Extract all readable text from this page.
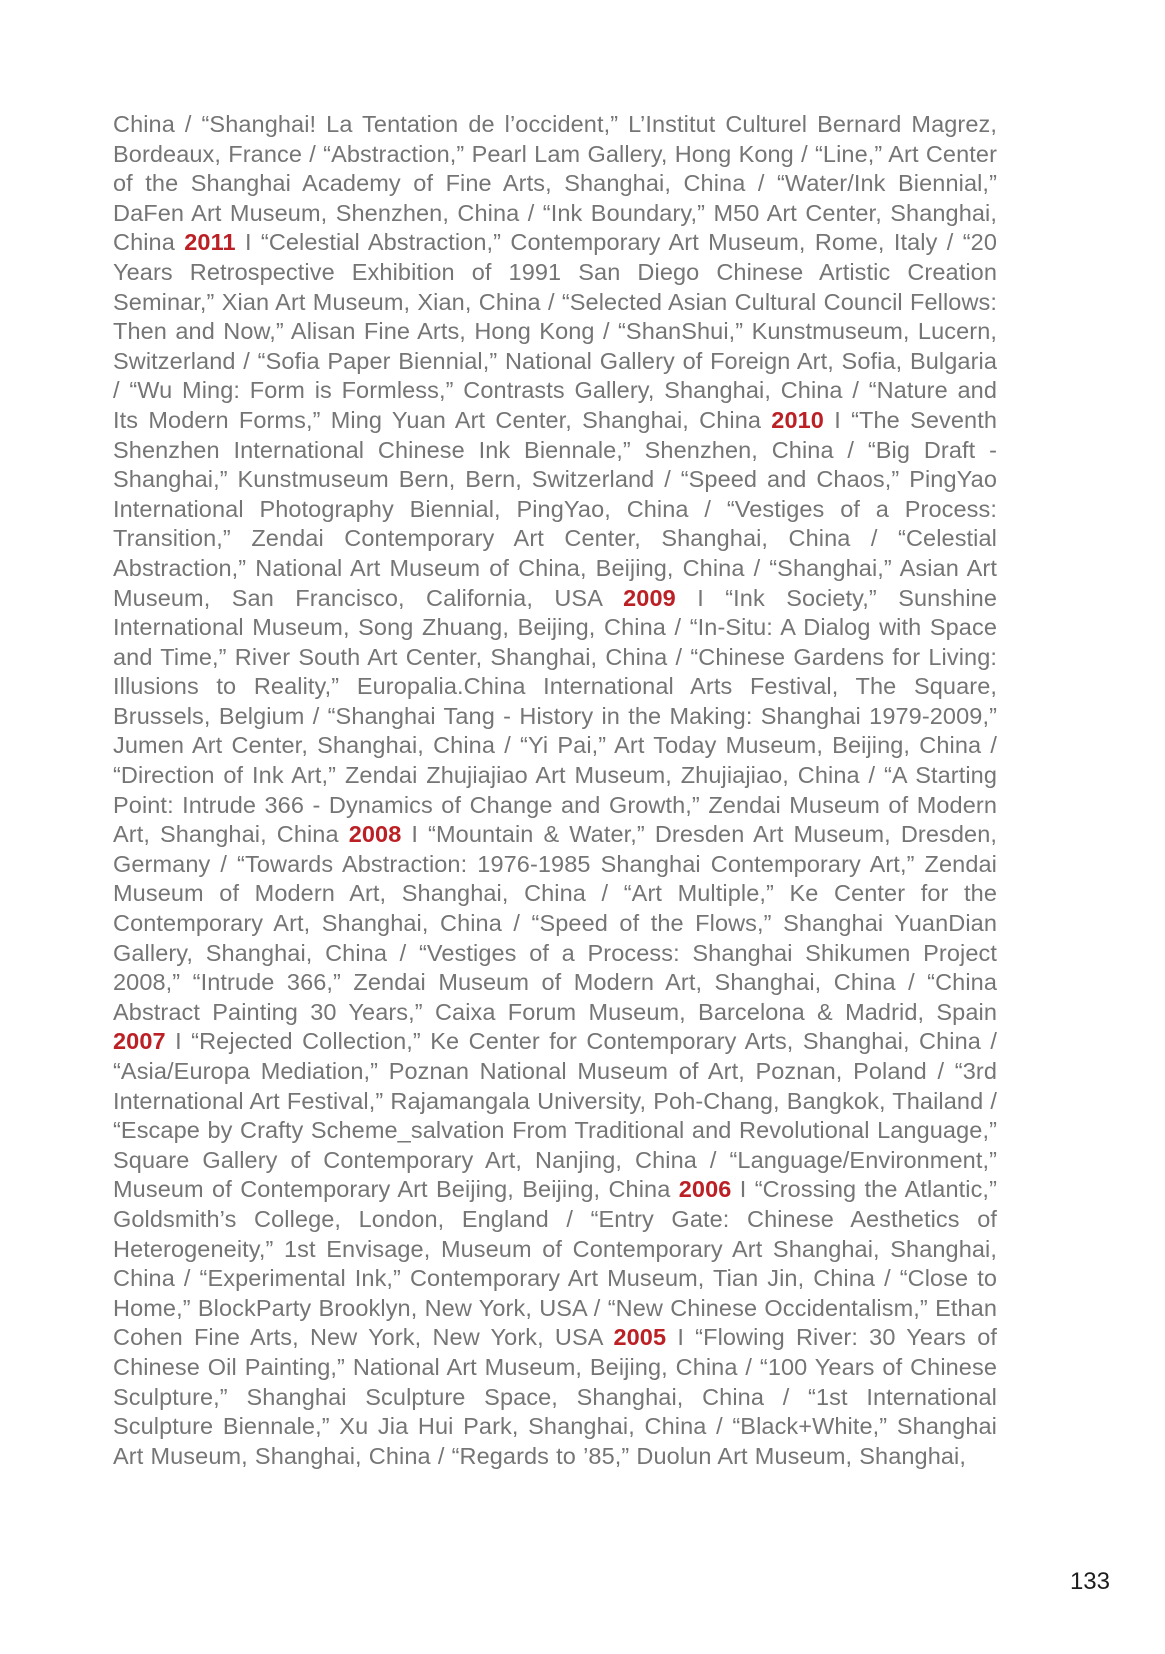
China / “Shanghai! La Tentation de l’occident,” L’Institut Culturel Bernard Magrez, Bordeaux, France / “Abstraction,” Pearl Lam Gallery, Hong Kong / “Line,” Art Center of the Shanghai Academy of Fine Arts, Shanghai, China / “Water/Ink Biennial,” DaFen Art Museum, Shenzhen, China / “Ink Boundary,” M50 Art Center, Shanghai, China 2011 I “Celestial Abstraction,” Contemporary Art Museum, Rome, Italy / “20 Years Retrospective Exhibition of 1991 San Diego Chinese Artistic Creation Seminar,” Xian Art Museum, Xian, China / “Selected Asian Cultural Council Fellows: Then and Now,” Alisan Fine Arts, Hong Kong / “ShanShui,” Kunstmuseum, Lucern, Switzerland / “Sofia Paper Biennial,” National Gallery of Foreign Art, Sofia, Bulgaria / “Wu Ming: Form is Formless,” Contrasts Gallery, Shanghai, China / “Nature and Its Modern Forms,” Ming Yuan Art Center, Shanghai, China 2010 I “The Seventh Shenzhen International Chinese Ink Biennale,” Shenzhen, China / “Big Draft - Shanghai,” Kunstmuseum Bern, Bern, Switzerland / “Speed and Chaos,” PingYao International Photography Biennial, PingYao, China / “Vestiges of a Process: Transition,” Zendai Contemporary Art Center, Shanghai, China / “Celestial Abstraction,” National Art Museum of China, Beijing, China / “Shanghai,” Asian Art Museum, San Francisco, California, USA 2009 I “Ink Society,” Sunshine International Museum, Song Zhuang, Beijing, China / “In-Situ: A Dialog with Space and Time,” River South Art Center, Shanghai, China / “Chinese Gardens for Living: Illusions to Reality,” Europalia.China International Arts Festival, The Square, Brussels, Belgium / “Shanghai Tang - History in the Making: Shanghai 1979-2009,” Jumen Art Center, Shanghai, China / “Yi Pai,” Art Today Museum, Beijing, China / “Direction of Ink Art,” Zendai Zhujiajiao Art Museum, Zhujiajiao, China / “A Starting Point: Intrude 366 - Dynamics of Change and Growth,” Zendai Museum of Modern Art, Shanghai, China 2008 I “Mountain & Water,” Dresden Art Museum, Dresden, Germany / “Towards Abstraction: 1976-1985 Shanghai Contemporary Art,” Zendai Museum of Modern Art, Shanghai, China / “Art Multiple,” Ke Center for the Contemporary Art, Shanghai, China / “Speed of the Flows,” Shanghai YuanDian Gallery, Shanghai, China / “Vestiges of a Process: Shanghai Shikumen Project 2008,” “Intrude 366,” Zendai Museum of Modern Art, Shanghai, China / “China Abstract Painting 30 Years,” Caixa Forum Museum, Barcelona & Madrid, Spain 2007 I “Rejected Collection,” Ke Center for Contemporary Arts, Shanghai, China / “Asia/Europa Mediation,” Poznan National Museum of Art, Poznan, Poland / “3rd International Art Festival,” Rajamangala University, Poh-Chang, Bangkok, Thailand / “Escape by Crafty Scheme_salvation From Traditional and Revolutional Language,” Square Gallery of Contemporary Art, Nanjing, China / “Language/Environment,” Museum of Contemporary Art Beijing, Beijing, China 2006 I “Crossing the Atlantic,” Goldsmith’s College, London, England / “Entry Gate: Chinese Aesthetics of Heterogeneity,” 1st Envisage, Museum of Contemporary Art Shanghai, Shanghai, China / “Experimental Ink,” Contemporary Art Museum, Tian Jin, China / “Close to Home,” BlockParty Brooklyn, New York, USA / “New Chinese Occidentalism,” Ethan Cohen Fine Arts, New York, New York, USA 2005 I “Flowing River: 30 Years of Chinese Oil Painting,” National Art Museum, Beijing, China / “100 Years of Chinese Sculpture,” Shanghai Sculpture Space, Shanghai, China / “1st International Sculpture Biennale,” Xu Jia Hui Park, Shanghai, China / “Black+White,” Shanghai Art Museum, Shanghai, China / “Regards to ’85,” Duolun Art Museum, Shanghai,
133
